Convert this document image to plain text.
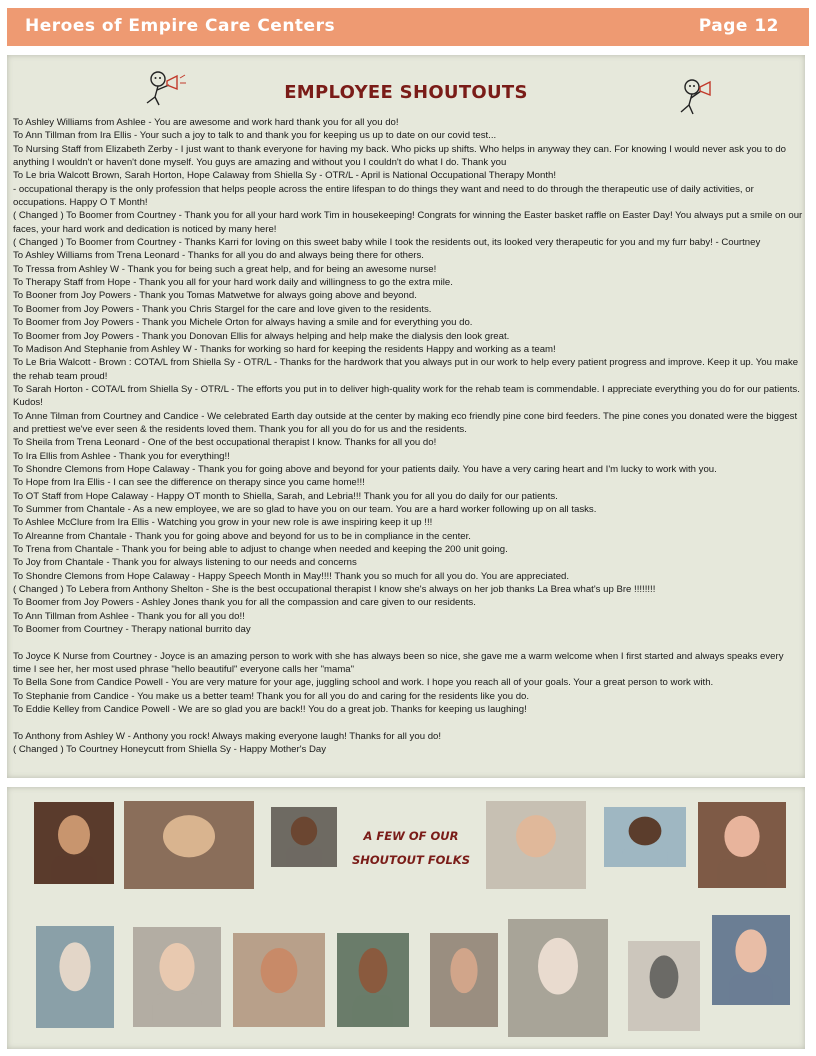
Heroes of Empire Care Centers	Page 12
EMPLOYEE SHOUTOUTS
To Ashley Williams from Ashlee - You are awesome and work hard thank you for all you do!
To Ann Tillman from Ira Ellis - Your such a joy to talk to and thank you for keeping us up to date on our covid test...
To Nursing Staff from Elizabeth Zerby - I just want to thank everyone for having my back. Who picks up shifts. Who helps in anyway they can. For knowing I would never ask you to do anything I wouldn't or haven't done myself. You guys are amazing and without you I couldn't do what I do. Thank you
To Le bria Walcott Brown, Sarah Horton, Hope Calaway from Shiella Sy - OTR/L - April is National Occupational Therapy Month!
- occupational therapy is the only profession that helps people across the entire lifespan to do things they want and need to do through the therapeutic use of daily activities, or occupations. Happy O T Month!
( Changed ) To Boomer from Courtney - Thank you for all your hard work Tim in housekeeping! Congrats for winning the Easter basket raffle on Easter Day! You always put a smile on our faces, your hard work and dedication is noticed by many here!
( Changed ) To Boomer from Courtney - Thanks Karri for loving on this sweet baby while I took the residents out, its looked very therapeutic for you and my furr baby! - Courtney
To Ashley Williams from Trena Leonard - Thanks for all you do and always being there for others.
To Tressa from Ashley W - Thank you for being such a great help, and for being an awesome nurse!
To Therapy Staff from Hope - Thank you all for your hard work daily and willingness to go the extra mile.
To Booner from Joy Powers - Thank you Tomas Matwetwe for always going above and beyond.
To Boomer from Joy Powers - Thank you Chris Stargel for the care and love given to the residents.
To Boomer from Joy Powers - Thank you Michele Orton for always having a smile and for everything you do.
To Boomer from Joy Powers - Thank you Donovan Ellis for always helping and help make the dialysis den look great.
To Madison And Stephanie from Ashley W - Thanks for working so hard for keeping the residents Happy and working as a team!
To Le Bria Walcott - Brown : COTA/L from Shiella Sy - OTR/L - Thanks for the hardwork that you always put in our work to help every patient progress and improve. Keep it up. You make the rehab team proud!
To Sarah Horton - COTA/L from Shiella Sy - OTR/L - The efforts you put in to deliver high-quality work for the rehab team is commendable. I appreciate everything you do for our patients. Kudos!
To Anne Tilman from Courtney and Candice - We celebrated Earth day outside at the center by making eco friendly pine cone bird feeders. The pine cones you donated were the biggest and prettiest we've ever seen & the residents loved them. Thank you for all you do for us and the residents.
To Sheila from Trena Leonard - One of the best occupational therapist I know. Thanks for all you do!
To Ira Ellis from Ashlee - Thank you for everything!!
To Shondre Clemons from Hope Calaway - Thank you for going above and beyond for your patients daily. You have a very caring heart and I'm lucky to work with you.
To Hope from Ira Ellis - I can see the difference on therapy since you came home!!!
To OT Staff from Hope Calaway - Happy OT month to Shiella, Sarah, and Lebria!!! Thank you for all you do daily for our patients.
To Summer from Chantale - As a new employee, we are so glad to have you on our team. You are a hard worker following up on all tasks.
To Ashlee McClure from Ira Ellis - Watching you grow in your new role is awe inspiring keep it up !!!
To Alreanne from Chantale - Thank you for going above and beyond for us to be in compliance in the center.
To Trena from Chantale - Thank you for being able to adjust to change when needed and keeping the 200 unit going.
To Joy from Chantale - Thank you for always listening to our needs and concerns
To Shondre Clemons from Hope Calaway - Happy Speech Month in May!!!! Thank you so much for all you do. You are appreciated.
( Changed ) To Lebera from Anthony Shelton - She is the best occupational therapist I know she's always on her job thanks La Brea what's up Bre !!!!!!!!
To Boomer from Joy Powers - Ashley Jones thank you for all the compassion and care given to our residents.
To Ann Tillman from Ashlee - Thank you for all you do!!
To Boomer from Courtney - Therapy national burrito day
To Joyce K Nurse from Courtney - Joyce is an amazing person to work with she has always been so nice, she gave me a warm welcome when I first started and always speaks every time I see her, her most used phrase "hello beautiful" everyone calls her "mama"
To Bella Sone from Candice Powell - You are very mature for your age, juggling school and work. I hope you reach all of your goals. Your a great person to work with.
To Stephanie from Candice - You make us a better team! Thank you for all you do and caring for the residents like you do.
To Eddie Kelley from Candice Powell - We are so glad you are back!! You do a great job. Thanks for keeping us laughing!
To Anthony from Ashley W - Anthony you rock! Always making everyone laugh! Thanks for all you do!
( Changed ) To Courtney Honeycutt from Shiella Sy - Happy Mother's Day
A FEW OF OUR
SHOUTOUT FOLKS
